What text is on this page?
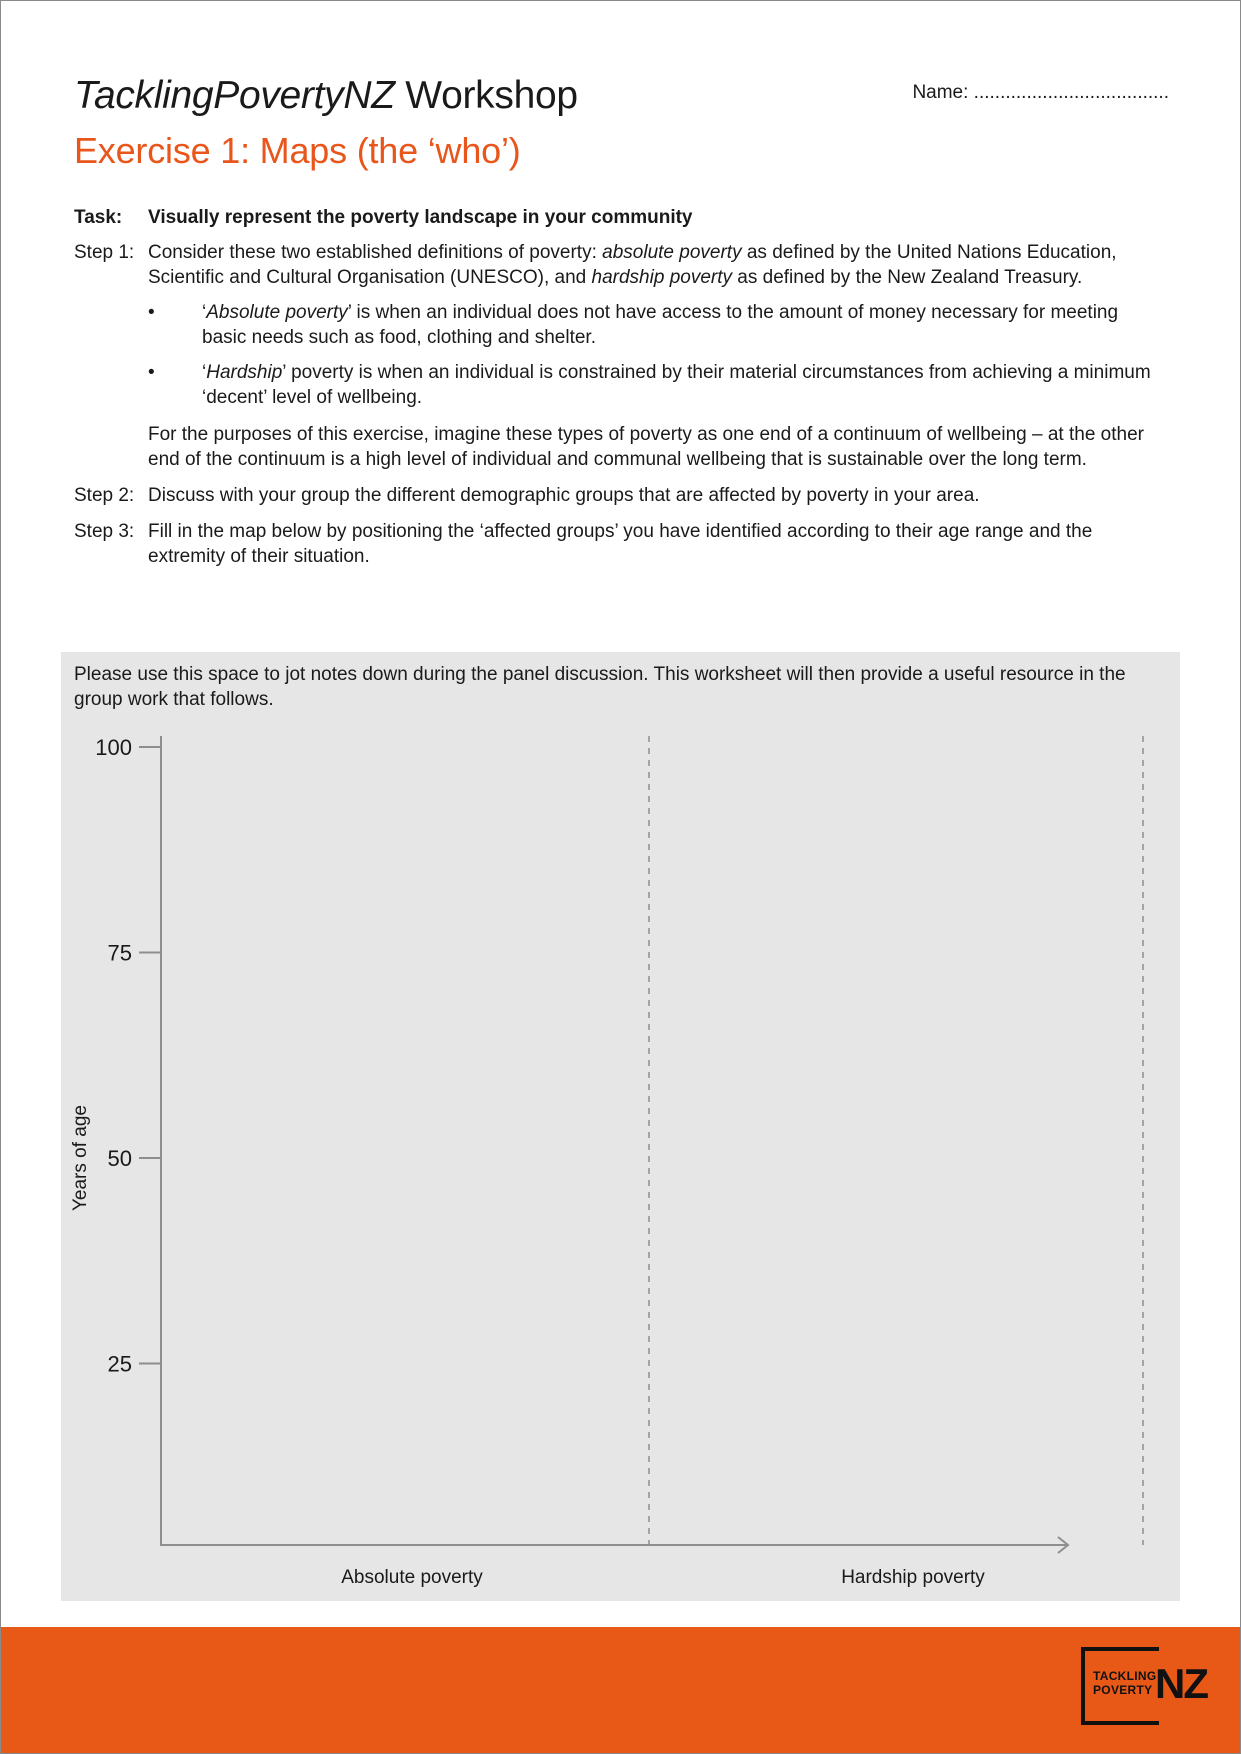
TacklingPovertyNZ Workshop	Name: .....................................
Exercise 1: Maps (the ‘who’)
Task:	Visually represent the poverty landscape in your community
Step 1: Consider these two established definitions of poverty: absolute poverty as defined by the United Nations Education, Scientific and Cultural Organisation (UNESCO), and hardship poverty as defined by the New Zealand Treasury.
•	‘Absolute poverty’ is when an individual does not have access to the amount of money necessary for meeting basic needs such as food, clothing and shelter.
•	‘Hardship’ poverty is when an individual is constrained by their material circumstances from achieving a minimum ‘decent’ level of wellbeing.
For the purposes of this exercise, imagine these types of poverty as one end of a continuum of wellbeing – at the other end of the continuum is a high level of individual and communal wellbeing that is sustainable over the long term.
Step 2: Discuss with your group the different demographic groups that are affected by poverty in your area.
Step 3: Fill in the map below by positioning the ‘affected groups’ you have identified according to their age range and the extremity of their situation.
Please use this space to jot notes down during the panel discussion. This worksheet will then provide a useful resource in the group work that follows.
25
50
75
100
Absolute poverty	Hardship poverty
Years of age
TACKLING
POVERTY NZ
